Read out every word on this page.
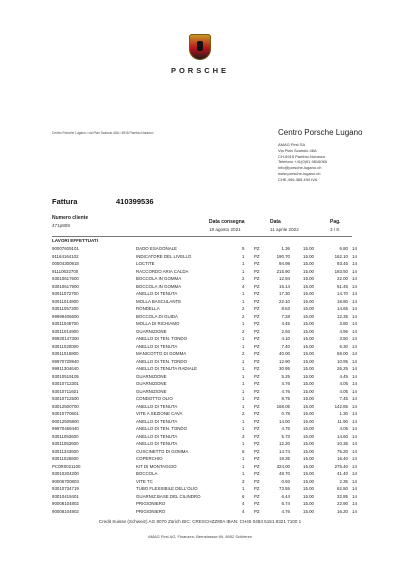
PORSCHE
Centro Porsche Lugano • via Pian Scairolo 46A • 6915 Pambio-Noranco	Centro Porsche Lugano
AMAG First SA
Via Pian Scairolo 46A
CH-6915 Pambio-Noranco
Telefono +41(0)91 9816060
info@porsche-lugano.ch
www.porsche-lugano.ch
CHE-406.385.494 IVA
Fattura	410399536
Numero cliente
471p808
Data consegna
18 agosto 2021
Data
11 aprile 2022
Pag.
3 / 8
LAVORI EFFETTUATI
90007609101	DADO ESAGONALE	5 PZ	1.36	15.00	6.80 14
91164164102	INDICATORE DEL LIVELLO	1 PZ	190.70	15.00	162.10 14
00004300918	LOCTITE	1 PZ	94.98	15.00	93.45 14
91110632700	RACCORDO ARIA CALDA	1 PZ	215.90	15.00	183.50 14
93010617600	BOCCOLA IN GOMMA	2 PZ	12.94	15.00	22.00 14
93010617900	BOCCOLA IN GOMMA	4 PZ	15.14	15.00	51.45 14
93011072700	ANELLO DI TENUTA	1 PZ	17.30	15.00	14.70 14
93011014800	MOLLA BASCULANTE	1 PZ	22.10	15.00	18.80 14
93011057200	RONDELLA	2 PZ	8.63	15.00	14.65 14
99999406600	BOCCOLA DI GUIDA	2 PZ	7.28	15.00	12.35 14
93011049700	MOLLA DI RICHIAMO	1 PZ	4.45	15.00	3.80 14
93011014900	GUARNIZIONE	2 PZ	2.93	15.00	4.95 14
99920147300	ANELLO DI TEN. TONDO	1 PZ	4.10	15.00	3.50 14
93011020000	ANELLO DI TENUTA	1 PZ	7.40	15.00	6.30 14
93011016800	MANICOTTO DI GOMMA	2 PZ	40.00	15.00	68.00 14
99970728940	ANELLO DI TEN. TONDO	1 PZ	12.90	15.00	10.95 14
99911304640	ANELLO DI TENUTA RADIALE	1 PZ	30.95	15.00	26.25 14
93010519105	GUARNIZIONE	1 PZ	5.25	15.00	4.45 14
93010712301	GUARNIZIONE	1 PZ	4.76	15.00	4.05 14
93010711601	GUARNIZIONE	1 PZ	4.76	15.00	4.05 14
93010712500	CONDOTTO OLIO	1 PZ	8.75	15.00	7.45 14
93012500700	ANELLO DI TENUTA	1 PZ	168.05	15.00	142.85 14
93010770601	VITE A SEZIONE CAVA	2 PZ	0.78	15.00	1.30 14
90012505800	ANELLO DI TENUTA	1 PZ	14.00	15.00	11.90 14
99970469440	ANELLO DI TEN. TONDO	1 PZ	4.76	15.00	4.05 14
93011053600	ANELLO DI TENUTA	3 PZ	5.73	15.00	14.60 14
93011053600	ANELLO DI TENUTA	1 PZ	12.20	15.00	10.35 14
93011343600	CUSCINETTO DI GOMMA	6 PZ	14.74	15.00	75.20 14
93011025600	COPERCHIO	1 PZ	19.35	15.00	16.40 14
PC0R0021100	KIT DI MONTAGGIO	1 PZ	324.00	15.00	275.40 14
93010204200	BOCCOLA	1 PZ	48.70	15.00	41.40 14
90006700803	VITE TC	3 PZ	0.93	15.00	2.35 14
93010734719	TUBO FLESSIBILE DELL'OLIO	1 PZ	73.55	15.00	62.50 14
93010419401	GUARNIZ.BASE DEL CILINDRO	6 PZ	6.44	15.00	32.85 14
90008104802	PRIGIONIERO	4 PZ	6.74	15.00	22.90 14
90008104902	PRIGIONIERO	4 PZ	4.76	15.00	16.20 14
Credit Suisse (Schweiz) AG 8070 Zürich BIC: CRESCHZZ80A IBAN: CH45 0483 5151 8321 7100 1
AMAG First AG, Finanzen, Bernstrasse 69, 8952 Schlieren
